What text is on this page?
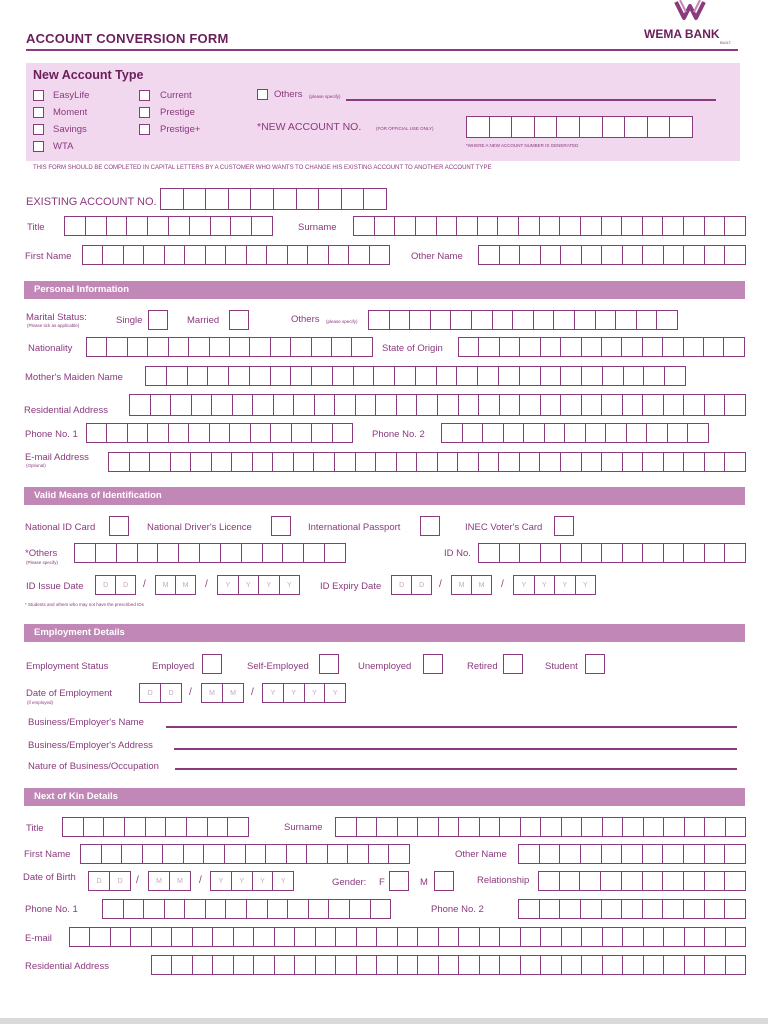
ACCOUNT CONVERSION FORM	WEMA BANK
BUILT
New Account Type
EasyLife
Moment
Savings
WTA
Current
Prestige
Prestige+
Others (please specify)
*NEW ACCOUNT NO.	(FOR OFFICIAL USE ONLY)
*WHERE A NEW ACCOUNT NUMBER IS GENERATED
THIS FORM SHOULD BE COMPLETED IN CAPITAL LETTERS BY A CUSTOMER WHO WANTS TO CHANGE HIS EXISTING ACCOUNT TO ANOTHER ACCOUNT TYPE
EXISTING ACCOUNT NO.
Title	Surname
First Name	Other Name
Personal Information
Marital Status:
(Please tick as applicable)	Single	Married	Others (please specify)
Nationality	State of Origin
Mother's Maiden Name
Residential Address
Phone No. 1	Phone No. 2
E-mail Address
(Optional)
Valid Means of Identification
National ID Card	National Driver's Licence	International Passport	INEC Voter's Card
*Others
(Please specify)
ID No.
ID Issue Date	D	D	/	M	M	/	Y	Y	Y	Y	ID Expiry Date	D	D	/	M	M	/	Y	Y	Y	Y
* Students and others who may not have the prescribed IDs
Employment Details
Employment Status	Employed	Self-Employed	Unemployed	Retired	Student
Date of Employment
(if employed)
D	D	/	M	M	/	Y	Y	Y	Y
Business/Employer's Name
Business/Employer's Address
Nature of Business/Occupation
Next of Kin Details
Title	Surname
First Name	Other Name
Date of Birth	D	D	/	M	M	/	Y	Y	Y	Y	Gender: F	M	Relationship
Phone No. 1	Phone No. 2
E-mail
Residential Address
